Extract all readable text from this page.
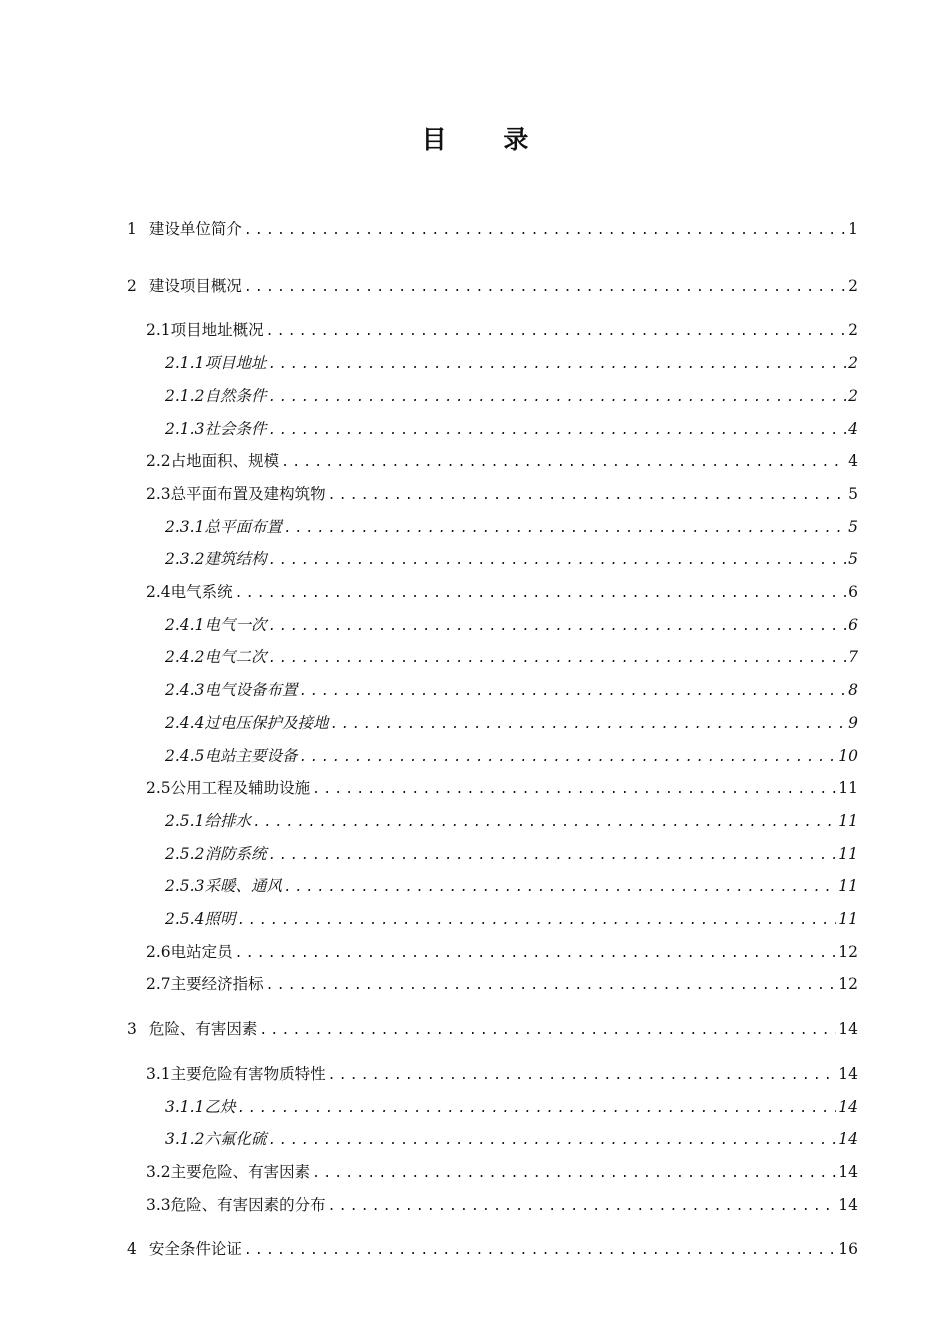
目 录
1 建设单位简介 .....	1
2 建设项目概况 .....	2
2.1 项目地址概况 .....	2
2.1.1 项目地址 .....	2
2.1.2 自然条件 .....	2
2.1.3 社会条件 .....	4
2.2 占地面积、规模 .....	4
2.3 总平面布置及建构筑物 .....	5
2.3.1 总平面布置 .....	5
2.3.2 建筑结构 .....	5
2.4 电气系统 .....	6
2.4.1 电气一次 .....	6
2.4.2 电气二次 .....	7
2.4.3 电气设备布置 .....	8
2.4.4 过电压保护及接地 .....	9
2.4.5 电站主要设备 .....	10
2.5 公用工程及辅助设施 .....	11
2.5.1 给排水 .....	11
2.5.2 消防系统 .....	11
2.5.3 采暖、通风 .....	11
2.5.4 照明 .....	11
2.6 电站定员 .....	12
2.7 主要经济指标 .....	12
3 危险、有害因素 .....	14
3.1 主要危险有害物质特性 .....	14
3.1.1 乙炔 .....	14
3.1.2 六氟化硫 .....	14
3.2 主要危险、有害因素 .....	14
3.3 危险、有害因素的分布 .....	14
4 安全条件论证 .....	16
